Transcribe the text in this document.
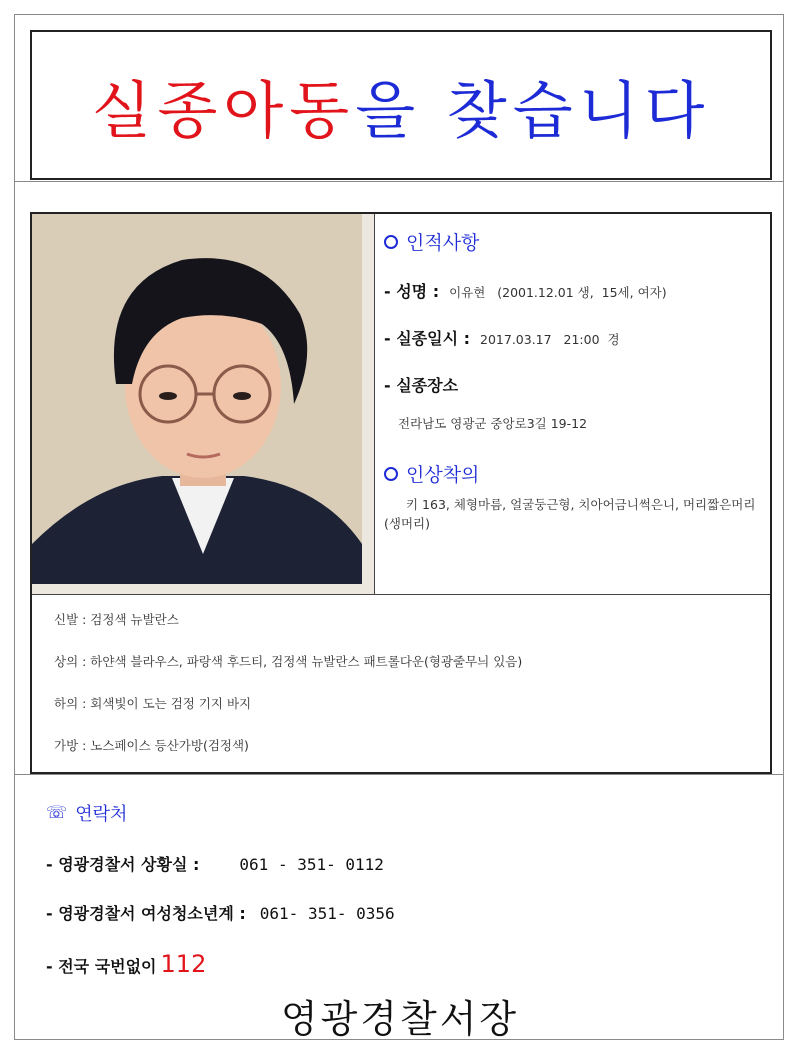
실종아동을 찾습니다
인적사항
- 성명 : 이유현   (2001.12.01 생,  15세, 여자)
- 실종일시 : 2017.03.17   21:00  경
- 실종장소
전라남도 영광군 중앙로3길 19-12
인상착의
키 163, 체형마름, 얼굴둥근형, 치아어금니썩은니, 머리짧은머리(생머리)
신발 : 검정색 뉴발란스
상의 : 하얀색 블라우스, 파랑색 후드티, 검정색 뉴발란스 패트롤다운(형광줄무늬 있음)
하의 : 회색빛이 도는 검정 기지 바지
가방 : 노스페이스 등산가방(검정색)
☏ 연락처
- 영광경찰서 상황실 :	061 - 351- 0112
- 영광경찰서 여성청소년계 : 061- 351- 0356
- 전국 국번없이 112
영광경찰서장
